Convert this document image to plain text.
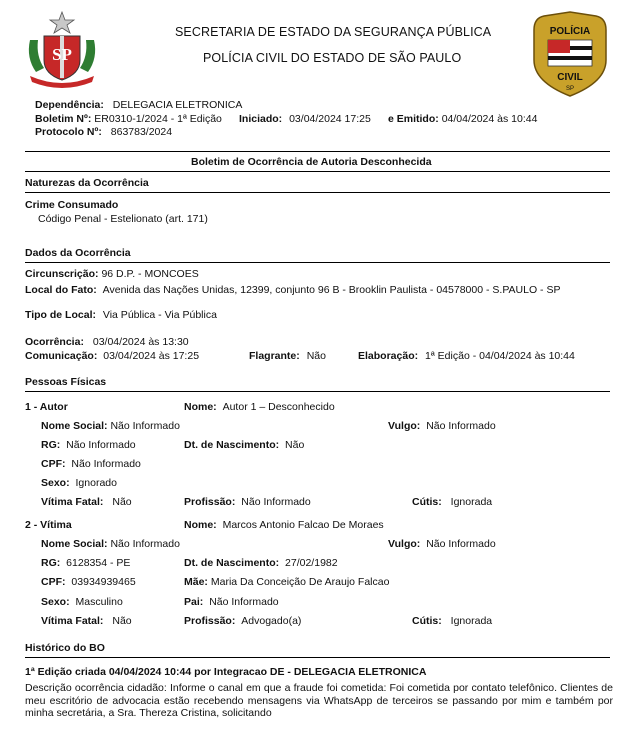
SP
SECRETARIA DE ESTADO DA SEGURANÇA PÚBLICA
POLÍCIA CIVIL DO ESTADO DE SÃO PAULO
POLÍCIA
CIVIL
SP
Dependência: DELEGACIA ELETRONICA
Boletim Nº: ER0310-1/2024 - 1ª Edição Iniciado: 03/04/2024 17:25 e Emitido: 04/04/2024 às 10:44
Protocolo Nº: 863783/2024
Boletim de Ocorrência de Autoria Desconhecida
Naturezas da Ocorrência
Crime Consumado
Código Penal - Estelionato (art. 171)
Dados da Ocorrência
Circunscrição: 96 D.P. - MONCOES
Local do Fato: Avenida das Nações Unidas, 12399, conjunto 96 B - Brooklin Paulista - 04578000 - S.PAULO - SP
Tipo de Local: Via Pública - Via Pública
Ocorrência: 03/04/2024 às 13:30
Comunicação: 03/04/2024 às 17:25	Flagrante: Não	Elaboração: 1ª Edição - 04/04/2024 às 10:44
Pessoas Físicas
1 - Autor	Nome: Autor 1 – Desconhecido
Nome Social: Não Informado	Vulgo: Não Informado
RG: Não Informado	Dt. de Nascimento: Não
CPF: Não Informado
Sexo: Ignorado
Vítima Fatal: Não	Profissão: Não Informado	Cútis: Ignorada
2 - Vítima	Nome: Marcos Antonio Falcao De Moraes
Nome Social: Não Informado	Vulgo: Não Informado
RG: 6128354 - PE	Dt. de Nascimento: 27/02/1982
CPF: 03934939465	Mãe: Maria Da Conceição De Araujo Falcao
Sexo: Masculino	Pai: Não Informado
Vítima Fatal: Não	Profissão: Advogado(a)	Cútis: Ignorada
Histórico do BO
1ª Edição criada 04/04/2024 10:44 por Integracao DE - DELEGACIA ELETRONICA
Descrição ocorrência cidadão: Informe o canal em que a fraude foi cometida: Foi cometida por contato telefônico. Clientes de meu escritório de advocacia estão recebendo mensagens via WhatsApp de terceiros se passando por mim e também por minha secretária, a Sra. Thereza Cristina, solicitando
